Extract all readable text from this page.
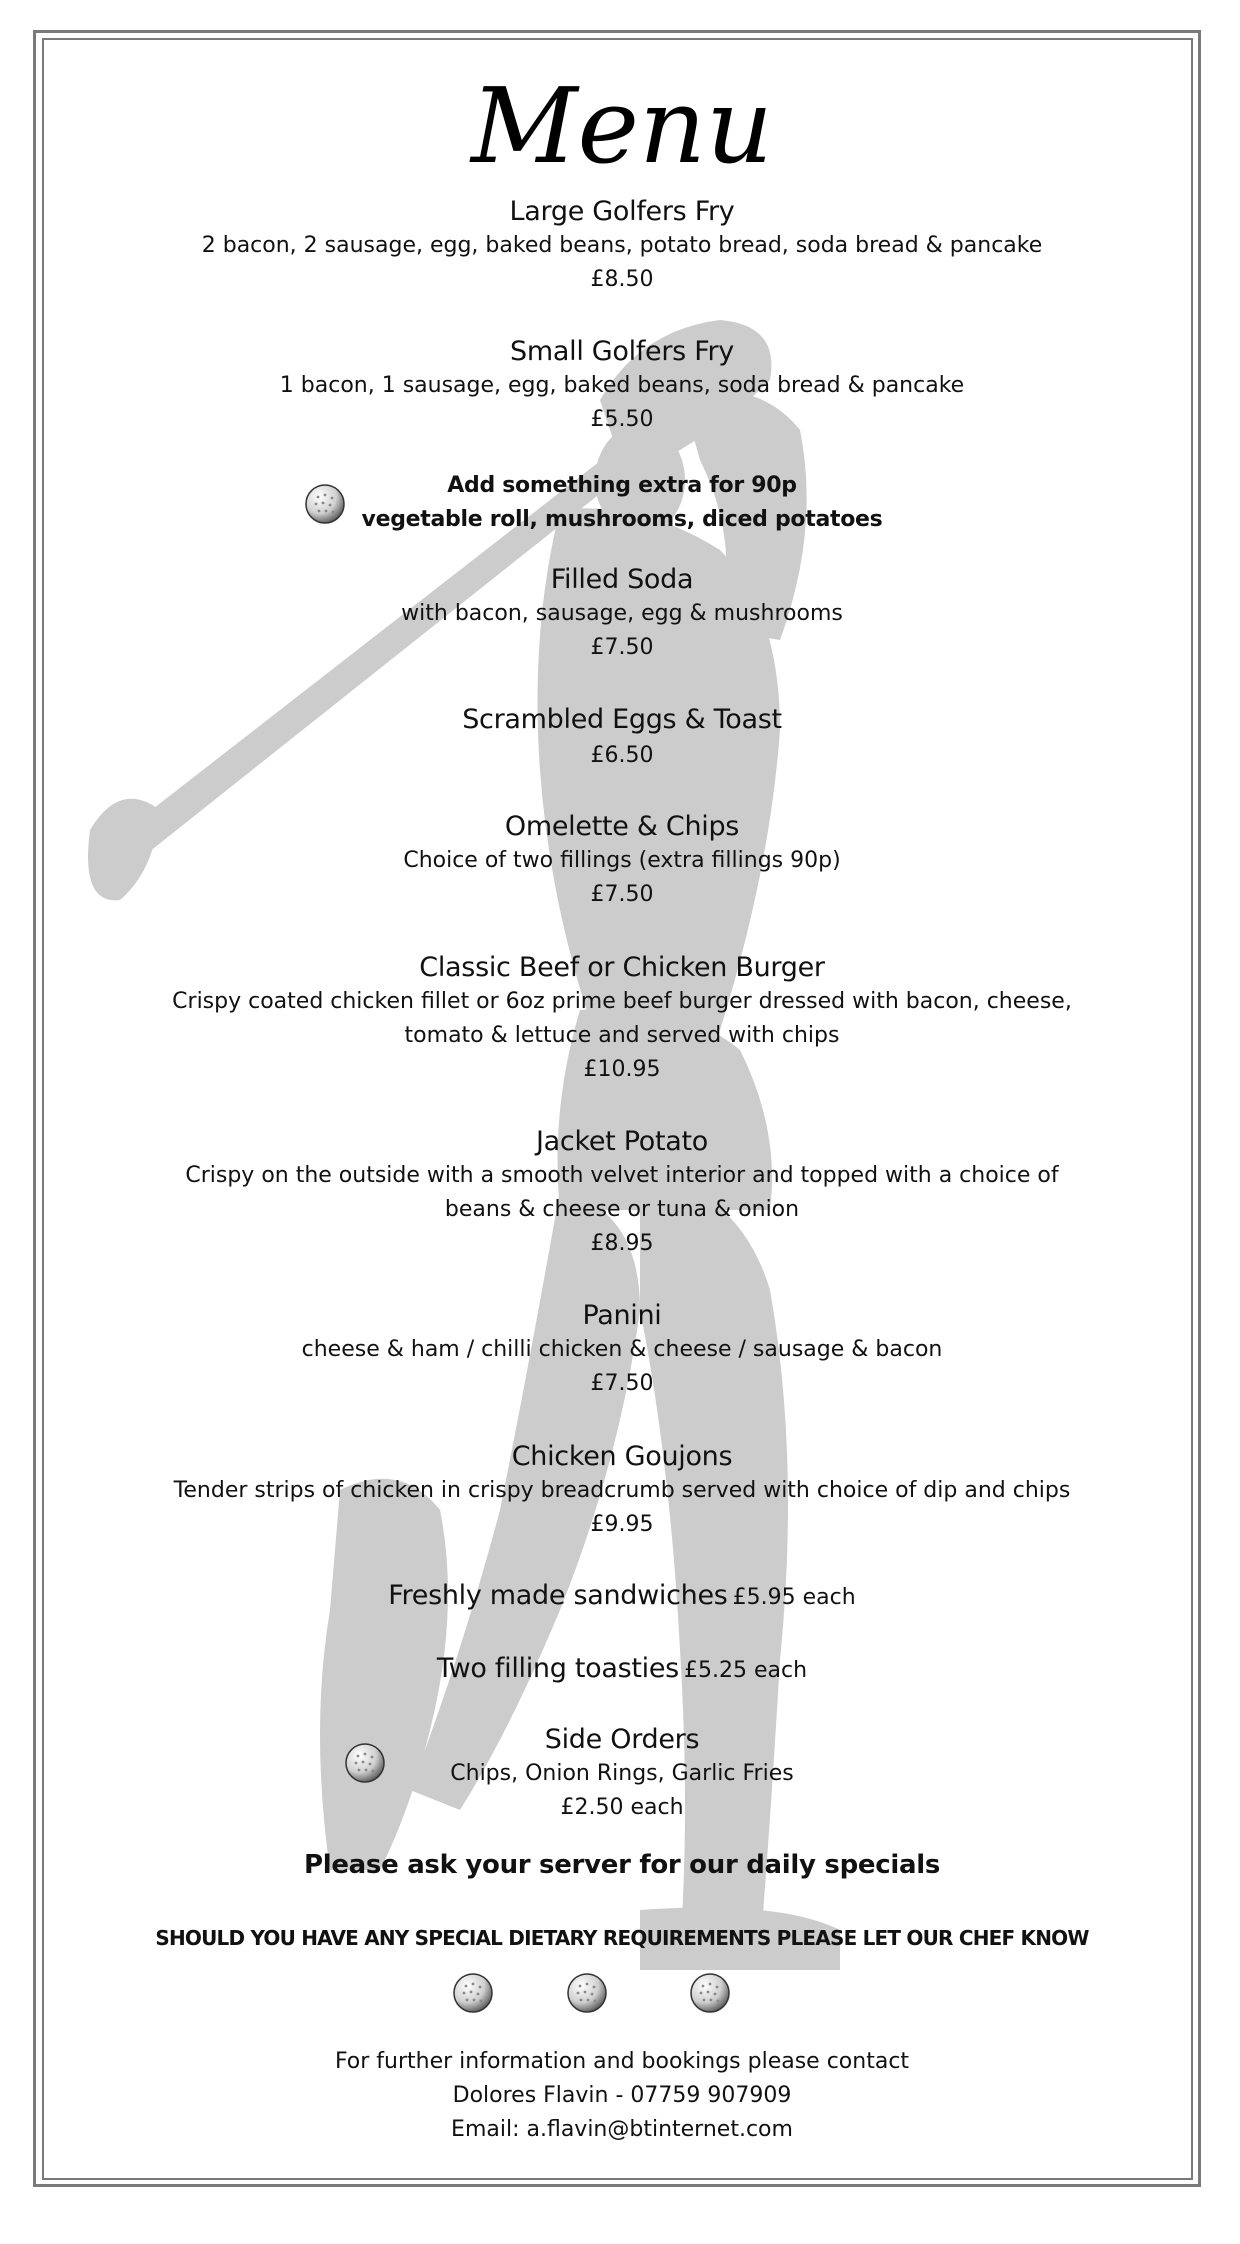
Menu
Large Golfers Fry
2 bacon, 2 sausage, egg, baked beans, potato bread, soda bread & pancake
£8.50
Small Golfers Fry
1 bacon, 1 sausage, egg, baked beans, soda bread & pancake
£5.50
Add something extra for 90p
vegetable roll, mushrooms, diced potatoes
Filled Soda
with bacon, sausage, egg & mushrooms
£7.50
Scrambled Eggs & Toast
£6.50
Omelette & Chips
Choice of two fillings (extra fillings 90p)
£7.50
Classic Beef or Chicken Burger
Crispy coated chicken fillet or 6oz prime beef burger dressed with bacon, cheese,
tomato & lettuce and served with chips
£10.95
Jacket Potato
Crispy on the outside with a smooth velvet interior and topped with a choice of
beans & cheese or tuna & onion
£8.95
Panini
cheese & ham / chilli chicken & cheese / sausage & bacon
£7.50
Chicken Goujons
Tender strips of chicken in crispy breadcrumb served with choice of dip and chips
£9.95
Freshly made sandwiches £5.95 each
Two filling toasties £5.25 each
Side Orders
Chips, Onion Rings, Garlic Fries
£2.50 each
Please ask your server for our daily specials
SHOULD YOU HAVE ANY SPECIAL DIETARY REQUIREMENTS PLEASE LET OUR CHEF KNOW
For further information and bookings please contact
Dolores Flavin - 07759 907909
Email: a.flavin@btinternet.com
